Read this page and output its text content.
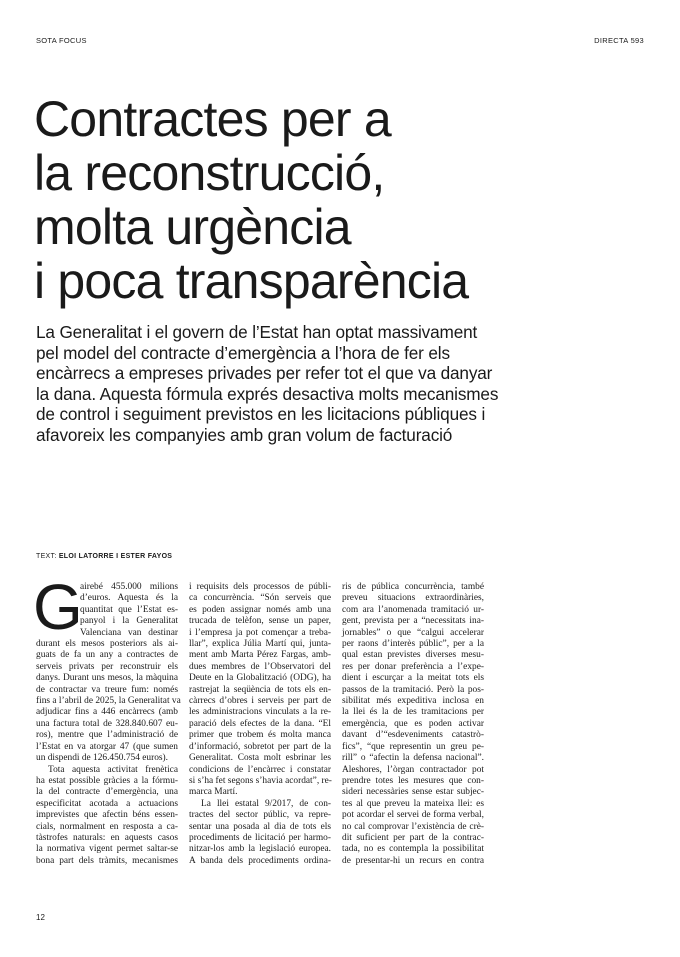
SOTA FOCUS	DIRECTA 593
Contractes per a
la reconstrucció,
molta urgència
i poca transparència

La Generalitat i el govern de l’Estat han optat massivament
pel model del contracte d’emergència a l’hora de fer els
encàrrecs a empreses privades per refer tot el que va danyar
la dana. Aquesta fórmula exprés desactiva molts mecanismes
de control i seguiment previstos en les licitacions públiques i
afavoreix les companyies amb gran volum de facturació

TEXT: ELOI LATORRE I ESTER FAYOS
G

airebé 455.000 milions
d’euros. Aquesta és la
quantitat que l’Estat es-
panyol i la Generalitat
Valenciana van destinar
durant els mesos posteriors als ai-
guats de fa un any a contractes de
serveis privats per reconstruir els
danys. Durant uns mesos, la màquina
de contractar va treure fum: només
fins a l’abril de 2025, la Generalitat va
adjudicar fins a 446 encàrrecs (amb
una factura total de 328.840.607 eu-
ros), mentre que l’administració de
l’Estat en va atorgar 47 (que sumen
un dispendi de 126.450.754 euros).
Tota aquesta activitat frenètica
ha estat possible gràcies a la fórmu-
la del contracte d’emergència, una
especificitat acotada a actuacions
imprevistes que afectin béns essen-
cials, normalment en resposta a ca-
tàstrofes naturals: en aquests casos
la normativa vigent permet saltar-se
bona part dels tràmits, mecanismes

i requisits dels processos de públi-
ca concurrència. “Són serveis que
es poden assignar només amb una
trucada de telèfon, sense un paper,
i l’empresa ja pot començar a treba-
llar”, explica Júlia Martí qui, junta-
ment amb Marta Pérez Fargas, amb-
dues membres de l’Observatori del
Deute en la Globalització (ODG), ha
rastrejat la seqüència de tots els en-
càrrecs d’obres i serveis per part de
les administracions vinculats a la re-
paració dels efectes de la dana. “El
primer que trobem és molta manca
d’informació, sobretot per part de la
Generalitat. Costa molt esbrinar les
condicions de l’encàrrec i constatar
si s’ha fet segons s’havia acordat”, re-
marca Martí.
La llei estatal 9/2017, de con-
tractes del sector públic, va repre-
sentar una posada al dia de tots els
procediments de licitació per harmo-
nitzar-los amb la legislació europea.
A banda dels procediments ordina-

ris de pública concurrència, també
preveu situacions extraordinàries,
com ara l’anomenada tramitació ur-
gent, prevista per a “necessitats ina-
jornables” o que “calgui accelerar
per raons d’interès públic”, per a la
qual estan previstes diverses mesu-
res per donar preferència a l’expe-
dient i escurçar a la meitat tots els
passos de la tramitació. Però la pos-
sibilitat més expeditiva inclosa en
la llei és la de les tramitacions per
emergència, que es poden activar
davant d’“esdeveniments catastrò-
fics”, “que representin un greu pe-
rill” o “afectin la defensa nacional”.
Aleshores, l’òrgan contractador pot
prendre totes les mesures que con-
sideri necessàries sense estar subjec-
tes al que preveu la mateixa llei: es
pot acordar el servei de forma verbal,
no cal comprovar l’existència de crè-
dit suficient per part de la contrac-
tada, no es contempla la possibilitat
de presentar-hi un recurs en contra

12
